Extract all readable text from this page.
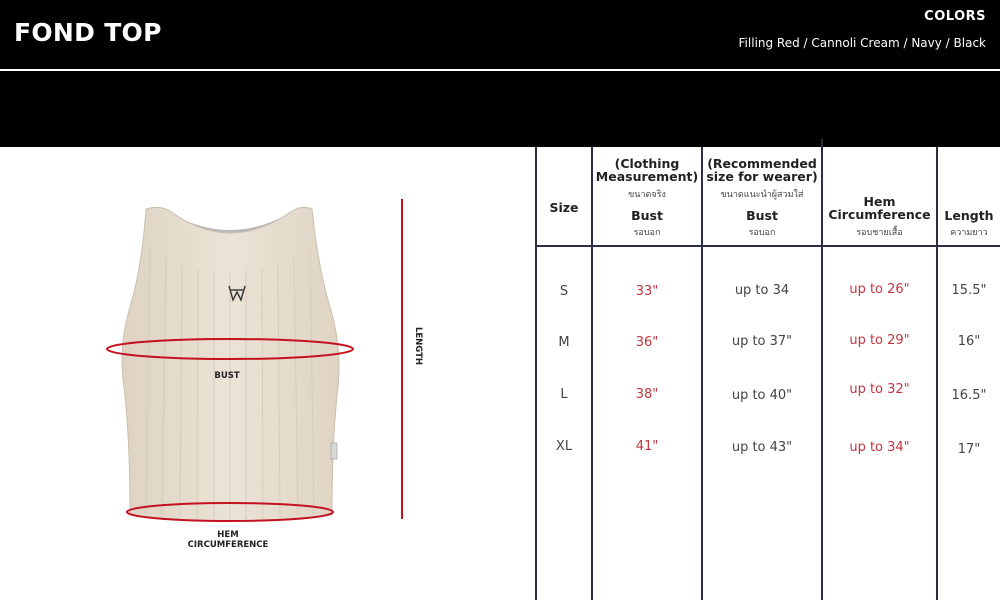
FOND TOP
COLORS
Filling Red / Cannoli Cream / Navy / Black
BUST
HEM
CIRCUMFERENCE
LENGTH
Size
S
M
L
XL
(Clothing
Measurement)
ขนาดจริง
Bust
รอบอก
33"
36"
38"
41"
(Recommended
size for wearer)
ขนาดแนะนำผู้สวมใส่
Bust
รอบอก
up to 34
up to 37"
up to 40"
up to 43"
Hem
Circumference
รอบชายเสื้อ
up to 26"
up to 29"
up to 32"
up to 34"
Length
ความยาว
15.5"
16"
16.5"
17"
